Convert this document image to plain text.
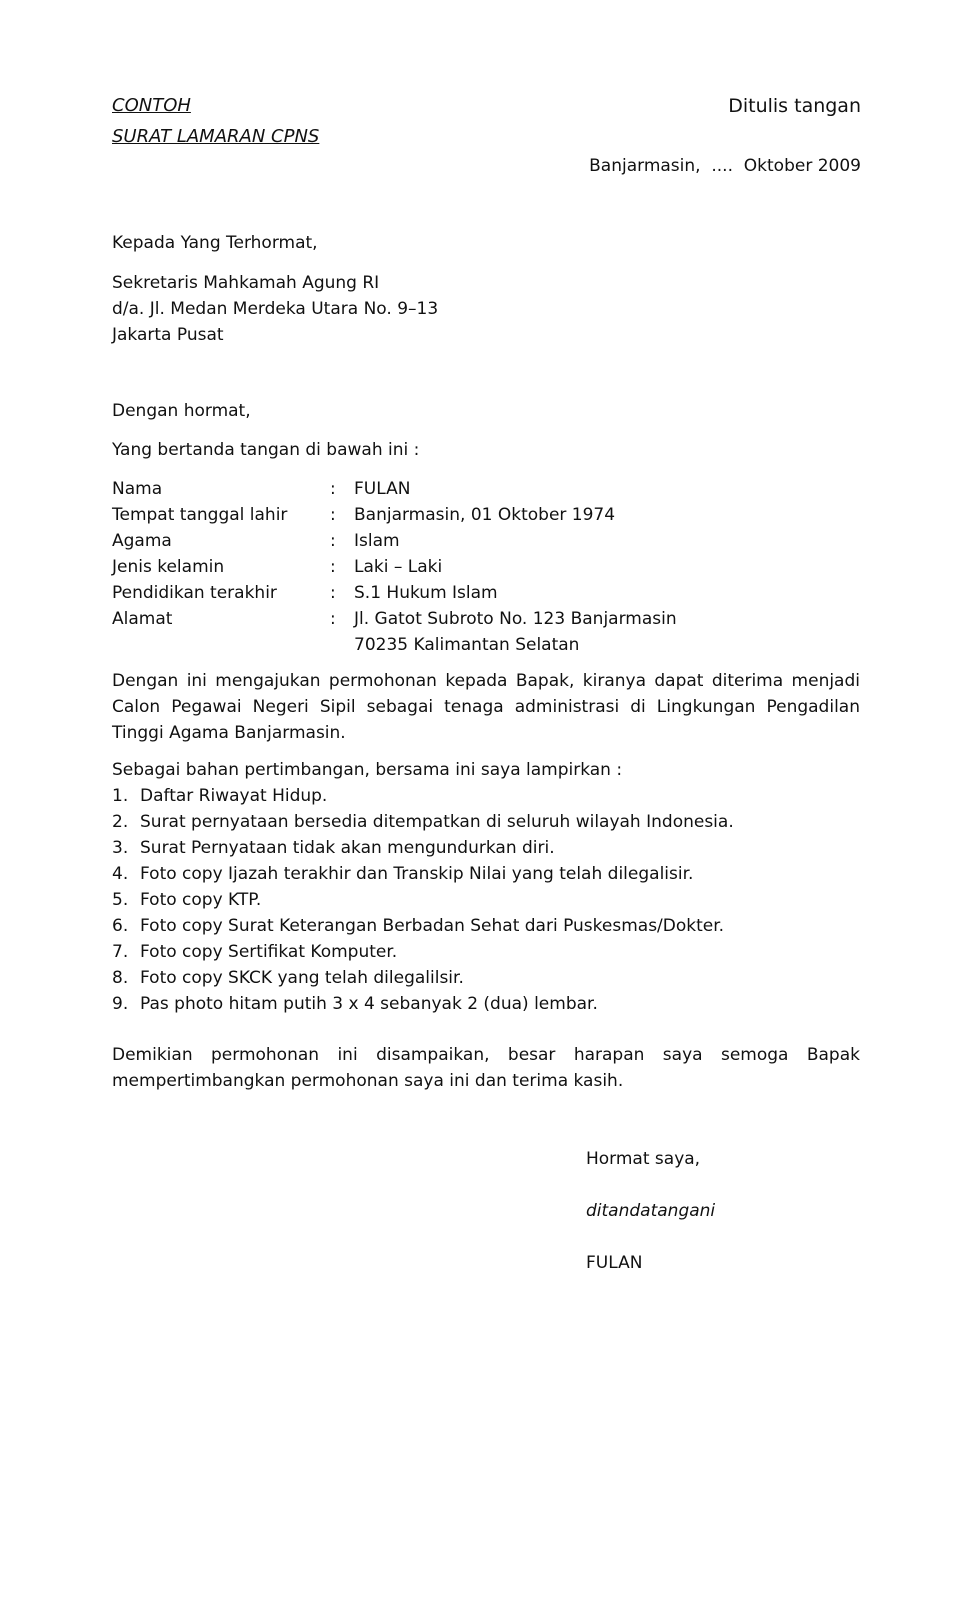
CONTOH
SURAT LAMARAN CPNS
Ditulis tangan
Banjarmasin,  ....  Oktober 2009

Kepada Yang Terhormat,

Sekretaris Mahkamah Agung RI

d/a. Jl. Medan Merdeka Utara No. 9–13

Jakarta Pusat

Dengan hormat,

Yang bertanda tangan di bawah ini :

Nama	:	FULAN
Tempat tanggal lahir	:	Banjarmasin, 01 Oktober 1974
Agama	:	Islam
Jenis kelamin	:	Laki – Laki
Pendidikan terakhir	:	S.1 Hukum Islam
Alamat	:	Jl. Gatot Subroto No. 123 Banjarmasin
70235 Kalimantan Selatan

Dengan ini mengajukan permohonan kepada Bapak, kiranya dapat diterima menjadi Calon Pegawai Negeri Sipil sebagai tenaga administrasi di Lingkungan Pengadilan Tinggi Agama Banjarmasin.

Sebagai bahan pertimbangan, bersama ini saya lampirkan :

1. Daftar Riwayat Hidup.
2. Surat pernyataan bersedia ditempatkan di seluruh wilayah Indonesia.
3. Surat Pernyataan tidak akan mengundurkan diri.
4. Foto copy Ijazah terakhir dan Transkip Nilai yang telah dilegalisir.
5. Foto copy KTP.
6. Foto copy Surat Keterangan Berbadan Sehat dari Puskesmas/Dokter.
7. Foto copy Sertifikat Komputer.
8. Foto copy SKCK yang telah dilegalilsir.
9. Pas photo hitam putih 3 x 4 sebanyak 2 (dua) lembar.

Demikian permohonan ini disampaikan, besar harapan saya semoga Bapak

mempertimbangkan permohonan saya ini dan terima kasih.

Hormat saya,
ditandatangani
FULAN
